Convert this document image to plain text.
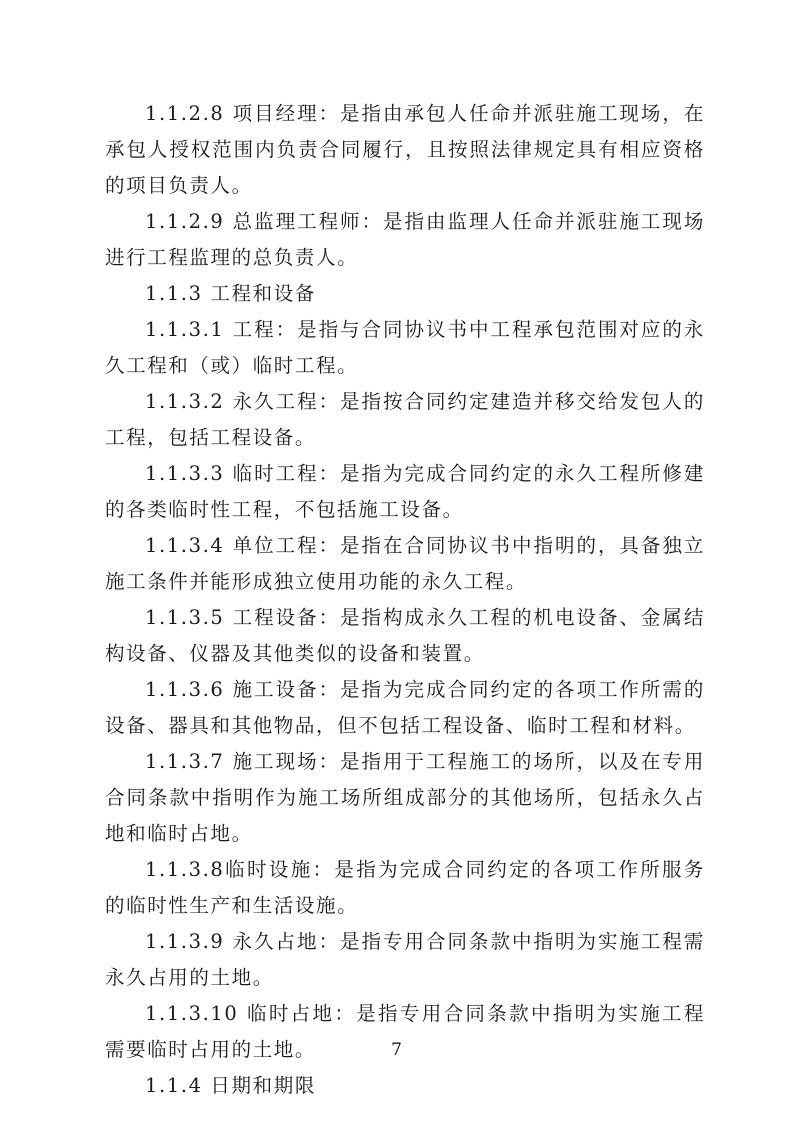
1.1.2.8 项目经理：是指由承包人任命并派驻施工现场，在承包人授权范围内负责合同履行，且按照法律规定具有相应资格的项目负责人。

1.1.2.9 总监理工程师：是指由监理人任命并派驻施工现场进行工程监理的总负责人。

1.1.3 工程和设备

1.1.3.1 工程：是指与合同协议书中工程承包范围对应的永久工程和（或）临时工程。

1.1.3.2 永久工程：是指按合同约定建造并移交给发包人的工程，包括工程设备。

1.1.3.3 临时工程：是指为完成合同约定的永久工程所修建的各类临时性工程，不包括施工设备。

1.1.3.4 单位工程：是指在合同协议书中指明的，具备独立施工条件并能形成独立使用功能的永久工程。

1.1.3.5 工程设备：是指构成永久工程的机电设备、金属结构设备、仪器及其他类似的设备和装置。

1.1.3.6 施工设备：是指为完成合同约定的各项工作所需的设备、器具和其他物品，但不包括工程设备、临时工程和材料。

1.1.3.7 施工现场：是指用于工程施工的场所，以及在专用合同条款中指明作为施工场所组成部分的其他场所，包括永久占地和临时占地。

1.1.3.8临时设施：是指为完成合同约定的各项工作所服务的临时性生产和生活设施。

1.1.3.9 永久占地：是指专用合同条款中指明为实施工程需永久占用的土地。

1.1.3.10 临时占地：是指专用合同条款中指明为实施工程需要临时占用的土地。

1.1.4 日期和期限

7
